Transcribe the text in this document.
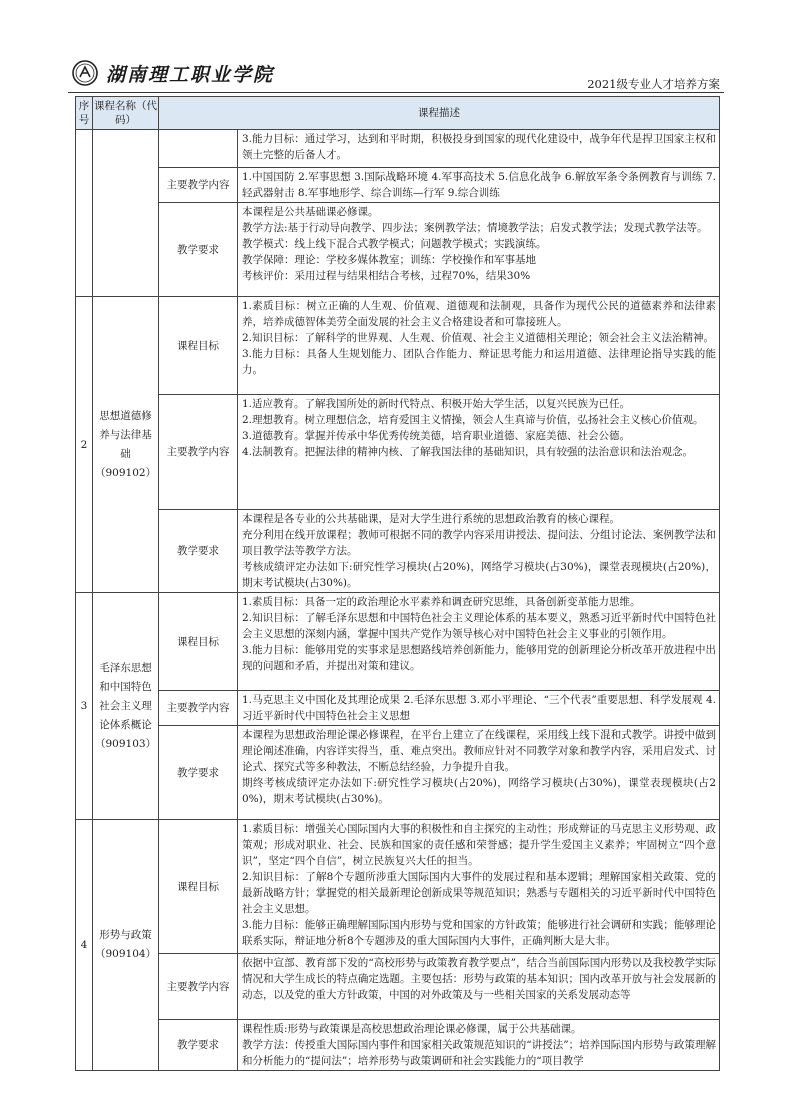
湖南理工职业学院	2021级专业人才培养方案
序号	课程名称（代码）	课程描述	

			3.能力目标：通过学习，达到和平时期，积极投身到国家的现代化建设中，战争年代是捍卫国家主权和领土完整的后备人才。

		主要教学内容	1.中国国防 2.军事思想 3.国际战略环境 4.军事高技术 5.信息化战争 6.解放军条令条例教育与训练 7.轻武器射击 8.军事地形学、综合训练—行军 9.综合训练

		教学要求	本课程是公共基础课必修课。
教学方法:基于行动导向教学、四步法；案例教学法；情境教学法；启发式教学法；发现式教学法等。
教学模式：线上线下混合式教学模式；问题教学模式；实践演练。
教学保障：理论：学校多媒体教室；训练：学校操作和军事基地
考核评价：采用过程与结果相结合考核，过程70%，结果30%

2	思想道德修养与法律基础（909102）	课程目标	1.素质目标：树立正确的人生观、价值观、道德观和法制观，具备作为现代公民的道德素养和法律素养，培养成德智体美劳全面发展的社会主义合格建设者和可靠接班人。
2.知识目标：了解科学的世界观、人生观、价值观、社会主义道德相关理论；领会社会主义法治精神。
3.能力目标：具备人生规划能力、团队合作能力、辩证思考能力和运用道德、法律理论指导实践的能力。

		主要教学内容	1.适应教育。了解我国所处的新时代特点、积极开始大学生活，以复兴民族为已任。
2.理想教育。树立理想信念，培育爱国主义情操，领会人生真谛与价值，弘扬社会主义核心价值观。
3.道德教育。掌握并传承中华优秀传统美德，培育职业道德、家庭美德、社会公德。
4.法制教育。把握法律的精神内核、了解我国法律的基础知识，具有较强的法治意识和法治观念。

		教学要求	本课程是各专业的公共基础课，是对大学生进行系统的思想政治教育的核心课程。
充分利用在线开放课程；教师可根据不同的教学内容采用讲授法、提问法、分组讨论法、案例教学法和项目教学法等教学方法。
考核成绩评定办法如下:研究性学习模块(占20%)，网络学习模块(占30%)，课堂表现模块(占20%)，期末考试模块(占30%)。

3	毛泽东思想和中国特色社会主义理论体系概论（909103）	课程目标	1.素质目标：具备一定的政治理论水平素养和调查研究思维，具备创新变革能力思维。
2.知识目标：了解毛泽东思想和中国特色社会主义理论体系的基本要义，熟悉习近平新时代中国特色社会主义思想的深刻内涵，掌握中国共产党作为领导核心对中国特色社会主义事业的引领作用。
3.能力目标：能够用党的实事求是思想路线培养创新能力，能够用党的创新理论分析改革开放进程中出现的问题和矛盾，并提出对策和建议。

		主要教学内容	1.马克思主义中国化及其理论成果 2.毛泽东思想 3.邓小平理论、“三个代表”重要思想、科学发展观 4.习近平新时代中国特色社会主义思想

		教学要求	本课程为思想政治理论课必修课程，在平台上建立了在线课程，采用线上线下混和式教学。讲授中做到理论阐述准确，内容详实得当，重、难点突出。教师应针对不同教学对象和教学内容，采用启发式、讨论式、探究式等多种教法，不断总结经验，力争提升自我。
期终考核成绩评定办法如下:研究性学习模块(占20%)，网络学习模块(占30%)，课堂表现模块(占20%)，期末考试模块(占30%)。

4	形势与政策（909104）	课程目标	1.素质目标：增强关心国际国内大事的积极性和自主探究的主动性；形成辩证的马克思主义形势观、政策观；形成对职业、社会、民族和国家的责任感和荣誉感；提升学生爱国主义素养；牢固树立“四个意识”，坚定“四个自信”，树立民族复兴大任的担当。
2.知识目标：了解8个专题所涉重大国际国内大事件的发展过程和基本逻辑；理解国家相关政策、党的最新战略方针；掌握党的相关最新理论创新成果等规范知识；熟悉与专题相关的习近平新时代中国特色社会主义思想。
3.能力目标：能够正确理解国际国内形势与党和国家的方针政策；能够进行社会调研和实践；能够理论联系实际，辩证地分析8个专题涉及的重大国际国内大事件，正确判断大是大非。

		主要教学内容	依据中宣部、教育部下发的“高校形势与政策教育教学要点”，结合当前国际国内形势以及我校教学实际情况和大学生成长的特点确定选题。主要包括：形势与政策的基本知识；国内改革开放与社会发展新的动态，以及党的重大方针政策，中国的对外政策及与一些相关国家的关系发展动态等

		教学要求	课程性质:形势与政策课是高校思想政治理论课必修课，属于公共基础课。
教学方法：传授重大国际国内事件和国家相关政策规范知识的“讲授法”；培养国际国内形势与政策理解和分析能力的“提问法”；培养形势与政策调研和社会实践能力的“项目教学
